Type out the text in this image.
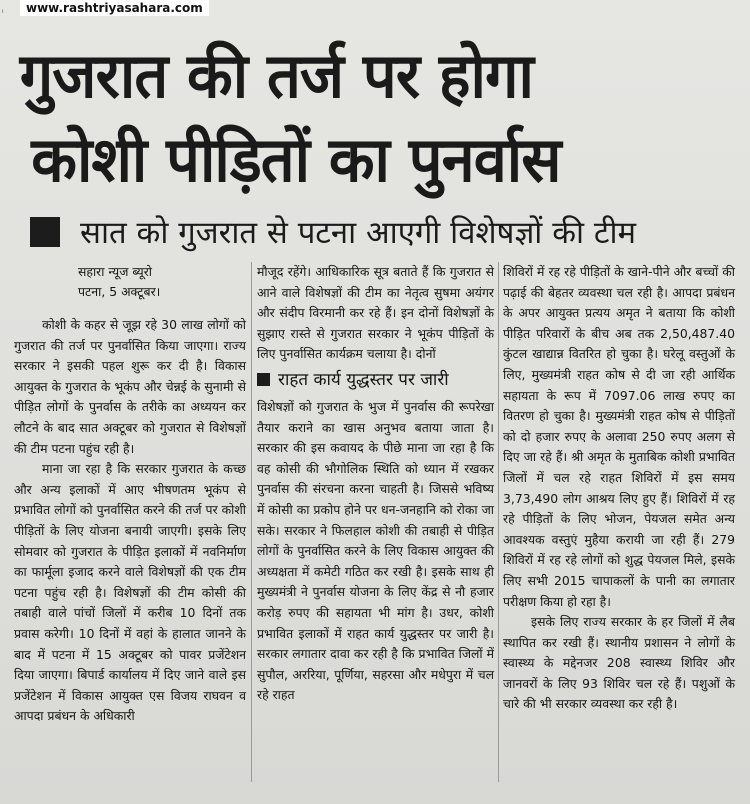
ᵢ	www.rashtriyasahara.com
गुजरात की तर्ज पर होगा
कोशी पीड़ितों का पुनर्वास
सात को गुजरात से पटना आएगी विशेषज्ञों की टीम

सहारा न्यूज ब्यूरो

पटना, 5 अक्टूबर।

कोशी के कहर से जूझ रहे 30 लाख लोगों को गुजरात की तर्ज पर पुनर्वासित किया जाएगा। राज्य सरकार ने इसकी पहल शुरू कर दी है। विकास आयुक्त के गुजरात के भूकंप और चेन्नई के सुनामी से पीड़ित लोगों के पुनर्वास के तरीके का अध्ययन कर लौटने के बाद सात अक्टूबर को गुजरात से विशेषज्ञों की टीम पटना पहुंच रही है।

माना जा रहा है कि सरकार गुजरात के कच्छ और अन्य इलाकों में आए भीषणतम भूकंप से प्रभावित लोगों को पुनर्वासित करने की तर्ज पर कोशी पीड़ितों के लिए योजना बनायी जाएगी। इसके लिए सोमवार को गुजरात के पीड़ित इलाकों में नवनिर्माण का फार्मूला इजाद करने वाले विशेषज्ञों की एक टीम पटना पहुंच रही है। विशेषज्ञों की टीम कोसी की तबाही वाले पांचों जिलों में करीब 10 दिनों तक प्रवास करेगी। 10 दिनों में वहां के हालात जानने के बाद में पटना में 15 अक्टूबर को पावर प्रजेंटेशन दिया जाएगा। बिपार्ड कार्यालय में दिए जाने वाले इस प्रजेंटेशन में विकास आयुक्त एस विजय राघवन व आपदा प्रबंधन के अधिकारी

मौजूद रहेंगे। आधिकारिक सूत्र बताते हैं कि गुजरात से आने वाले विशेषज्ञों की टीम का नेतृत्व सुषमा अयंगर और संदीप विरमानी कर रहे हैं। इन दोनों विशेषज्ञों के सुझाए रास्ते से गुजरात सरकार ने भूकंप पीड़ितों के लिए पुनर्वासित कार्यक्रम चलाया है। दोनों

राहत कार्य युद्धस्तर पर जारी

विशेषज्ञों को गुजरात के भुज में पुनर्वास की रूपरेखा तैयार कराने का खास अनुभव बताया जाता है। सरकार की इस कवायद के पीछे माना जा रहा है कि वह कोसी की भौगोलिक स्थिति को ध्यान में रखकर पुनर्वास की संरचना करना चाहती है। जिससे भविष्य में कोसी का प्रकोप होने पर धन-जनहानि को रोका जा सके। सरकार ने फिलहाल कोशी की तबाही से पीड़ित लोगों के पुनर्वासित करने के लिए विकास आयुक्त की अध्यक्षता में कमेटी गठित कर रखी है। इसके साथ ही मुख्यमंत्री ने पुनर्वास योजना के लिए केंद्र से नौ हजार करोड़ रुपए की सहायता भी मांग है। उधर, कोशी प्रभावित इलाकों में राहत कार्य युद्धस्तर पर जारी है। सरकार लगातार दावा कर रही है कि प्रभावित जिलों में सुपौल, अररिया, पूर्णिया, सहरसा और मधेपुरा में चल रहे राहत

शिविरों में रह रहे पीड़ितों के खाने-पीने और बच्चों की पढ़ाई की बेहतर व्यवस्था चल रही है। आपदा प्रबंधन के अपर आयुक्त प्रत्यय अमृत ने बताया कि कोशी पीड़ित परिवारों के बीच अब तक 2,50,487.40 कुंटल खाद्यान्न वितरित हो चुका है। घरेलू वस्तुओं के लिए, मुख्यमंत्री राहत कोष से दी जा रही आर्थिक सहायता के रूप में 7097.06 लाख रुपए का वितरण हो चुका है। मुख्यमंत्री राहत कोष से पीड़ितों को दो हजार रुपए के अलावा 250 रुपए अलग से दिए जा रहे हैं। श्री अमृत के मुताबिक कोशी प्रभावित जिलों में चल रहे राहत शिविरों में इस समय 3,73,490 लोग आश्रय लिए हुए हैं। शिविरों में रह रहे पीड़ितों के लिए भोजन, पेयजल समेत अन्य आवश्यक वस्तुएं मुहैया करायी जा रही हैं। 279 शिविरों में रह रहे लोगों को शुद्ध पेयजल मिले, इसके लिए सभी 2015 चापाकलों के पानी का लगातार परीक्षण किया हो रहा है।

इसके लिए राज्य सरकार के हर जिलों में लैब स्थापित कर रखी हैं। स्थानीय प्रशासन ने लोगों के स्वास्थ्य के मद्देनजर 208 स्वास्थ्य शिविर और जानवरों के लिए 93 शिविर चल रहे हैं। पशुओं के चारे की भी सरकार व्यवस्था कर रही है।
